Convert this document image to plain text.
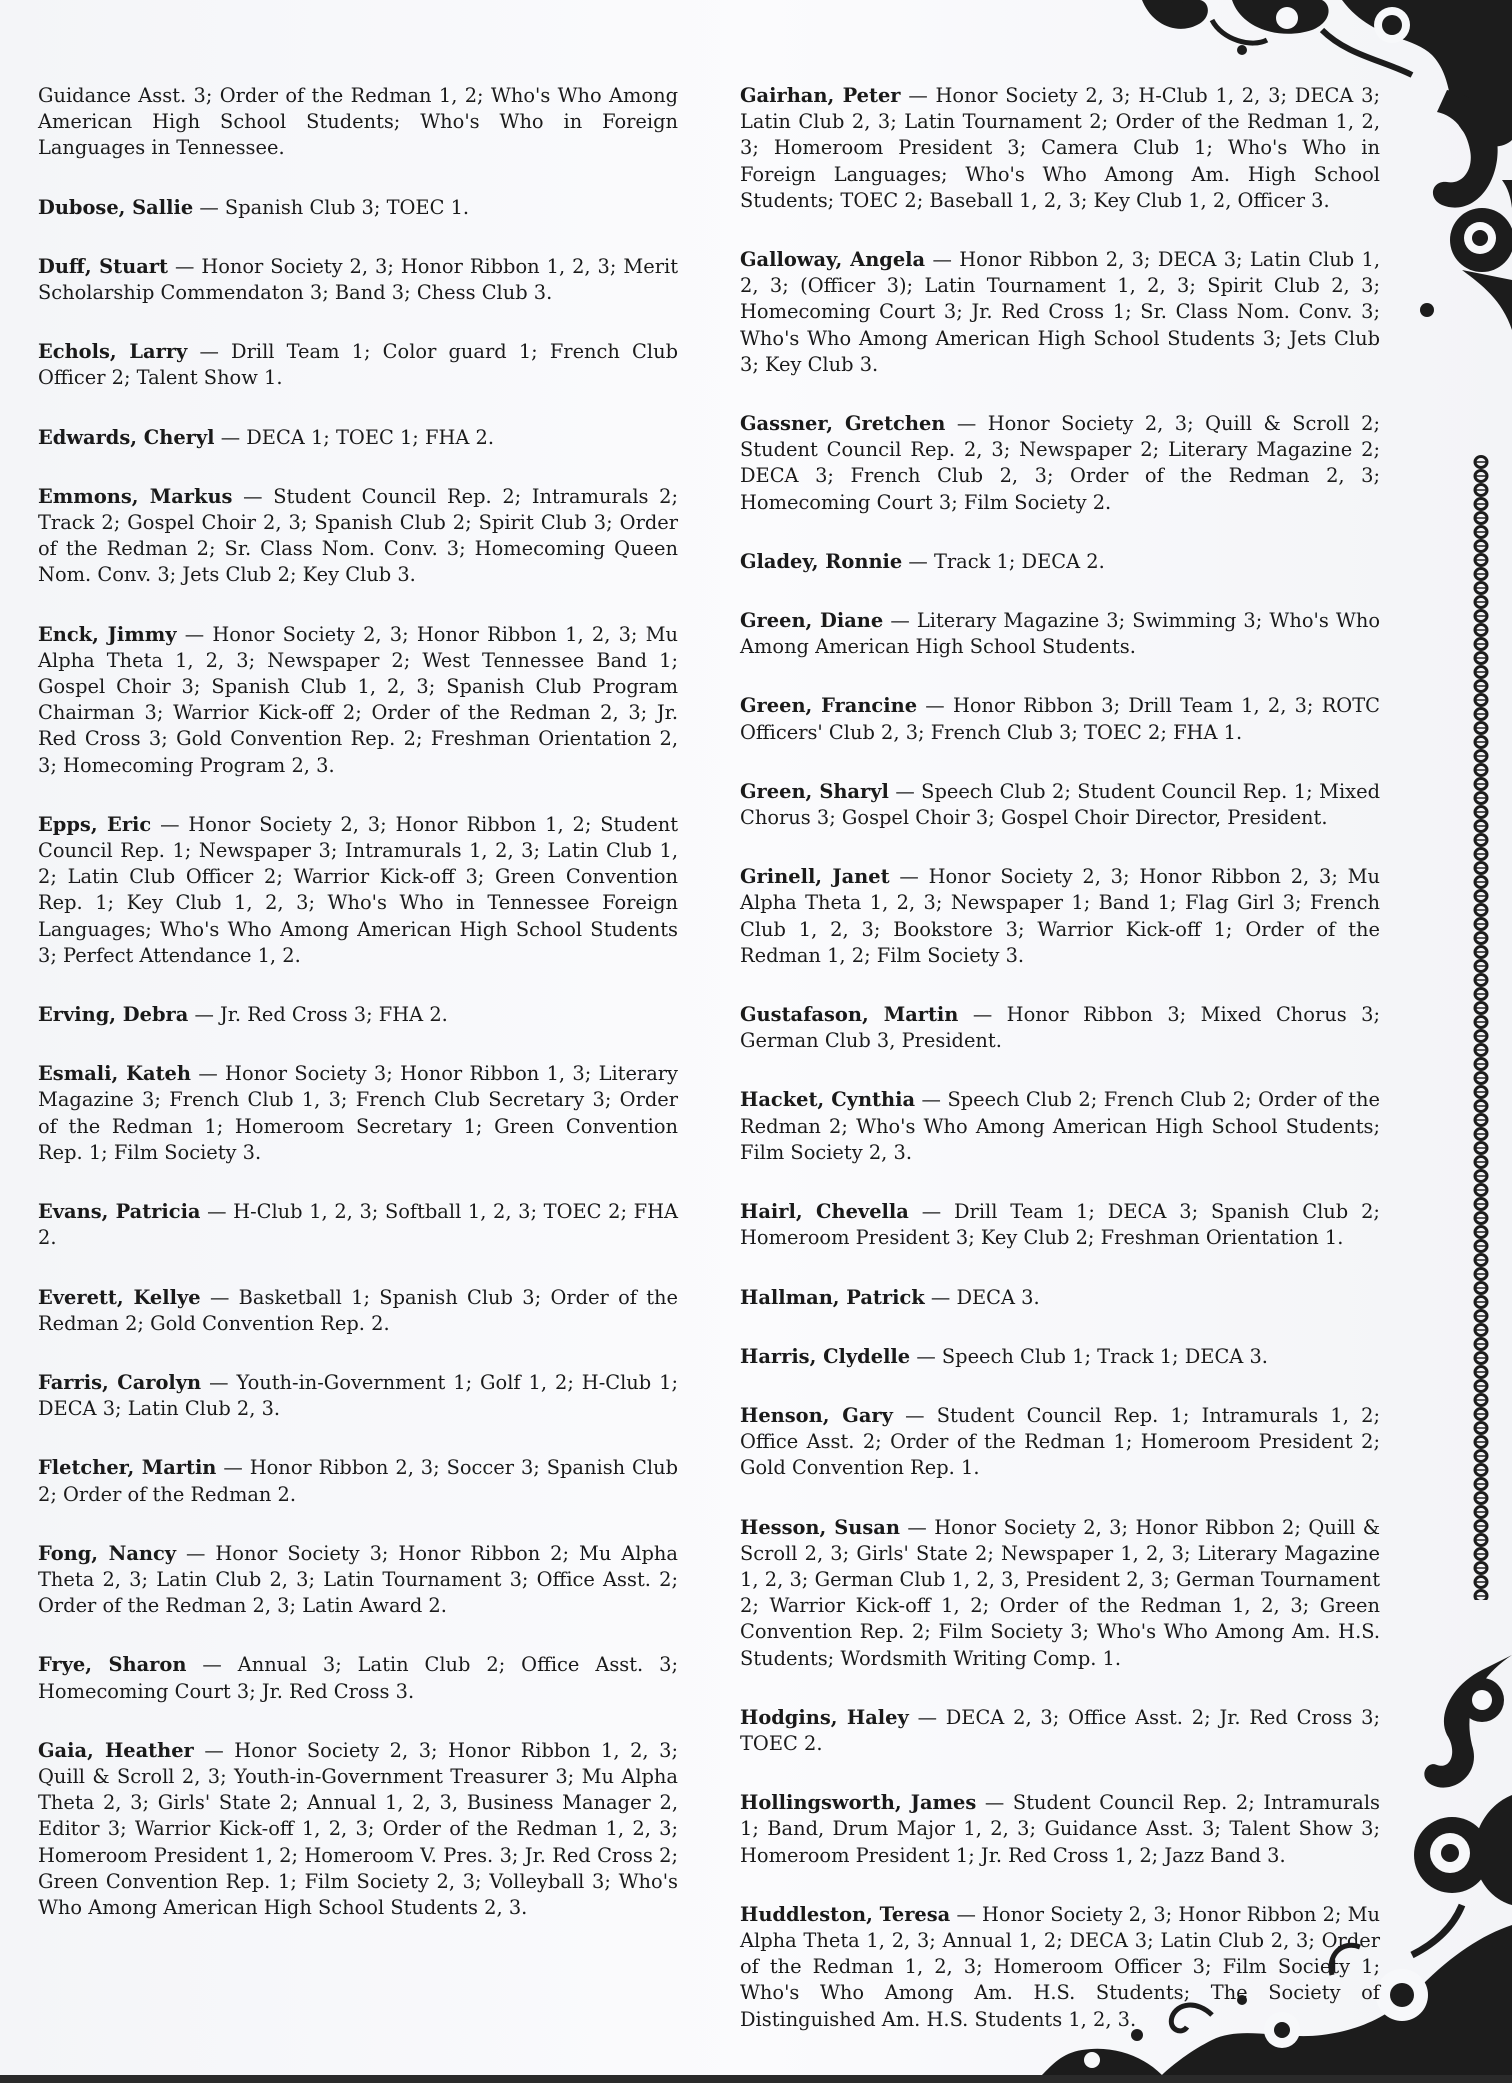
Guidance Asst. 3; Order of the Redman 1, 2; Who's Who Among American High School Students; Who's Who in Foreign Languages in Tennessee.

Dubose, Sallie — Spanish Club 3; TOEC 1.

Duff, Stuart — Honor Society 2, 3; Honor Ribbon 1, 2, 3; Merit Scholarship Commendaton 3; Band 3; Chess Club 3.

Echols, Larry — Drill Team 1; Color guard 1; French Club Officer 2; Talent Show 1.

Edwards, Cheryl — DECA 1; TOEC 1; FHA 2.

Emmons, Markus — Student Council Rep. 2; Intramurals 2; Track 2; Gospel Choir 2, 3; Spanish Club 2; Spirit Club 3; Order of the Redman 2; Sr. Class Nom. Conv. 3; Homecoming Queen Nom. Conv. 3; Jets Club 2; Key Club 3.

Enck, Jimmy — Honor Society 2, 3; Honor Ribbon 1, 2, 3; Mu Alpha Theta 1, 2, 3; Newspaper 2; West Tennessee Band 1; Gospel Choir 3; Spanish Club 1, 2, 3; Spanish Club Program Chairman 3; Warrior Kick-off 2; Order of the Redman 2, 3; Jr. Red Cross 3; Gold Convention Rep. 2; Freshman Orientation 2, 3; Homecoming Program 2, 3.

Epps, Eric — Honor Society 2, 3; Honor Ribbon 1, 2; Student Council Rep. 1; Newspaper 3; Intramurals 1, 2, 3; Latin Club 1, 2; Latin Club Officer 2; Warrior Kick-off 3; Green Convention Rep. 1; Key Club 1, 2, 3; Who's Who in Tennessee Foreign Languages; Who's Who Among American High School Students 3; Perfect Attendance 1, 2.

Erving, Debra — Jr. Red Cross 3; FHA 2.

Esmali, Kateh — Honor Society 3; Honor Ribbon 1, 3; Literary Magazine 3; French Club 1, 3; French Club Secretary 3; Order of the Redman 1; Homeroom Secretary 1; Green Convention Rep. 1; Film Society 3.

Evans, Patricia — H-Club 1, 2, 3; Softball 1, 2, 3; TOEC 2; FHA 2.

Everett, Kellye — Basketball 1; Spanish Club 3; Order of the Redman 2; Gold Convention Rep. 2.

Farris, Carolyn — Youth-in-Government 1; Golf 1, 2; H-Club 1; DECA 3; Latin Club 2, 3.

Fletcher, Martin — Honor Ribbon 2, 3; Soccer 3; Spanish Club 2; Order of the Redman 2.

Fong, Nancy — Honor Society 3; Honor Ribbon 2; Mu Alpha Theta 2, 3; Latin Club 2, 3; Latin Tournament 3; Office Asst. 2; Order of the Redman 2, 3; Latin Award 2.

Frye, Sharon — Annual 3; Latin Club 2; Office Asst. 3; Homecoming Court 3; Jr. Red Cross 3.

Gaia, Heather — Honor Society 2, 3; Honor Ribbon 1, 2, 3; Quill & Scroll 2, 3; Youth-in-Government Treasurer 3; Mu Alpha Theta 2, 3; Girls' State 2; Annual 1, 2, 3, Business Manager 2, Editor 3; Warrior Kick-off 1, 2, 3; Order of the Redman 1, 2, 3; Homeroom President 1, 2; Homeroom V. Pres. 3; Jr. Red Cross 2; Green Convention Rep. 1; Film Society 2, 3; Volleyball 3; Who's Who Among American High School Students 2, 3.

Gairhan, Peter — Honor Society 2, 3; H-Club 1, 2, 3; DECA 3; Latin Club 2, 3; Latin Tournament 2; Order of the Redman 1, 2, 3; Homeroom President 3; Camera Club 1; Who's Who in Foreign Languages; Who's Who Among Am. High School Students; TOEC 2; Baseball 1, 2, 3; Key Club 1, 2, Officer 3.

Galloway, Angela — Honor Ribbon 2, 3; DECA 3; Latin Club 1, 2, 3; (Officer 3); Latin Tournament 1, 2, 3; Spirit Club 2, 3; Homecoming Court 3; Jr. Red Cross 1; Sr. Class Nom. Conv. 3; Who's Who Among American High School Students 3; Jets Club 3; Key Club 3.

Gassner, Gretchen — Honor Society 2, 3; Quill & Scroll 2; Student Council Rep. 2, 3; Newspaper 2; Literary Magazine 2; DECA 3; French Club 2, 3; Order of the Redman 2, 3; Homecoming Court 3; Film Society 2.

Gladey, Ronnie — Track 1; DECA 2.

Green, Diane — Literary Magazine 3; Swimming 3; Who's Who Among American High School Students.

Green, Francine — Honor Ribbon 3; Drill Team 1, 2, 3; ROTC Officers' Club 2, 3; French Club 3; TOEC 2; FHA 1.

Green, Sharyl — Speech Club 2; Student Council Rep. 1; Mixed Chorus 3; Gospel Choir 3; Gospel Choir Director, President.

Grinell, Janet — Honor Society 2, 3; Honor Ribbon 2, 3; Mu Alpha Theta 1, 2, 3; Newspaper 1; Band 1; Flag Girl 3; French Club 1, 2, 3; Bookstore 3; Warrior Kick-off 1; Order of the Redman 1, 2; Film Society 3.

Gustafason, Martin — Honor Ribbon 3; Mixed Chorus 3; German Club 3, President.

Hacket, Cynthia — Speech Club 2; French Club 2; Order of the Redman 2; Who's Who Among American High School Students; Film Society 2, 3.

Hairl, Chevella — Drill Team 1; DECA 3; Spanish Club 2; Homeroom President 3; Key Club 2; Freshman Orientation 1.

Hallman, Patrick — DECA 3.

Harris, Clydelle — Speech Club 1; Track 1; DECA 3.

Henson, Gary — Student Council Rep. 1; Intramurals 1, 2; Office Asst. 2; Order of the Redman 1; Homeroom President 2; Gold Convention Rep. 1.

Hesson, Susan — Honor Society 2, 3; Honor Ribbon 2; Quill & Scroll 2, 3; Girls' State 2; Newspaper 1, 2, 3; Literary Magazine 1, 2, 3; German Club 1, 2, 3, President 2, 3; German Tournament 2; Warrior Kick-off 1, 2; Order of the Redman 1, 2, 3; Green Convention Rep. 2; Film Society 3; Who's Who Among Am. H.S. Students; Wordsmith Writing Comp. 1.

Hodgins, Haley — DECA 2, 3; Office Asst. 2; Jr. Red Cross 3; TOEC 2.

Hollingsworth, James — Student Council Rep. 2; Intramurals 1; Band, Drum Major 1, 2, 3; Guidance Asst. 3; Talent Show 3; Homeroom President 1; Jr. Red Cross 1, 2; Jazz Band 3.

Huddleston, Teresa — Honor Society 2, 3; Honor Ribbon 2; Mu Alpha Theta 1, 2, 3; Annual 1, 2; DECA 3; Latin Club 2, 3; Order of the Redman 1, 2, 3; Homeroom Officer 3; Film Society 1; Who's Who Among Am. H.S. Students; The Society of Distinguished Am. H.S. Students 1, 2, 3.
